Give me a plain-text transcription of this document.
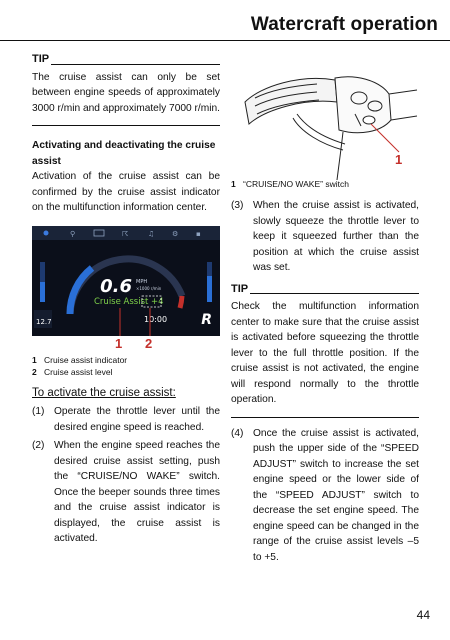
Watercraft operation
TIP

The cruise assist can only be set between engine speeds of approximately 3000 r/min and approximately 7000 r/min.

Activating and deactivating the cruise assist

Activation of the cruise assist can be confirmed by the cruise assist indicator on the multifunction information center.

⚲	☈	♫	⚙	▪
0.6 MPH
×1000 r/min
Cruise Assist +4
12.7	10:00 R
1 2
1 Cruise assist indicator
2 Cruise assist level
To activate the cruise assist:
(1) Operate the throttle lever until the desired engine speed is reached.
(2) When the engine speed reaches the desired cruise assist setting, push the “CRUISE/NO WAKE” switch. Once the beeper sounds three times and the cruise assist indicator is displayed, the cruise assist is activated.
1
1 “CRUISE/NO WAKE” switch
(3) When the cruise assist is activated, slowly squeeze the throttle lever to keep it squeezed further than the position at which the cruise assist was set.
TIP

Check the multifunction information center to make sure that the cruise assist is activated before squeezing the throttle lever to the full throttle position. If the cruise assist is not activated, the engine will respond normally to the throttle operation.

(4) Once the cruise assist is activated, push the upper side of the “SPEED ADJUST” switch to increase the set engine speed or the lower side of the “SPEED ADJUST” switch to decrease the set engine speed. The engine speed can be changed in the range of the cruise assist levels –5 to +5.
44
